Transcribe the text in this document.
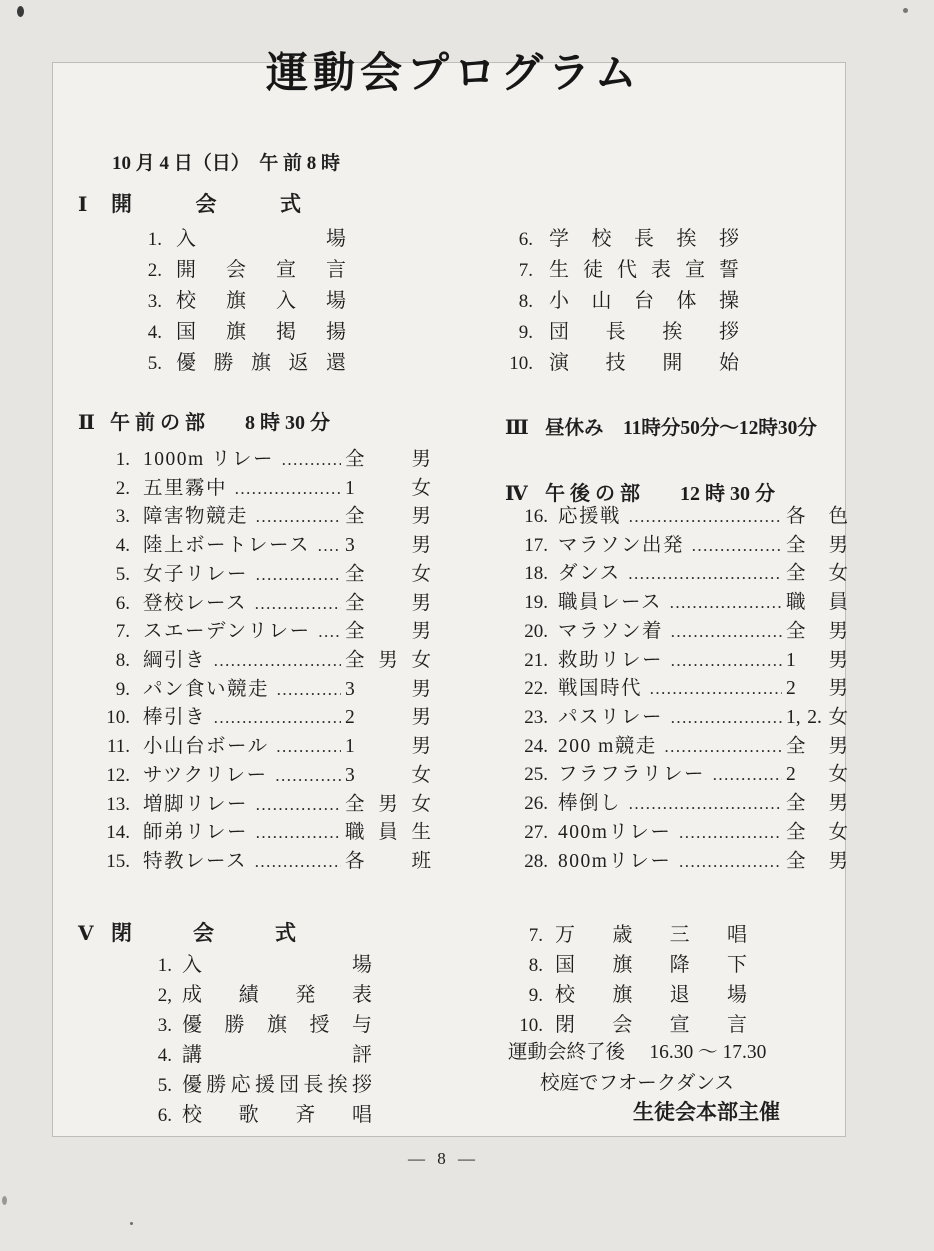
運動会プログラム
10 月 4 日（日）　午 前 8 時
Ⅰ	開会式
1. 入場
2. 開会宣言
3. 校旗入場
4. 国旗掲揚
5. 優勝旗返還
6. 学校長挨拶
7. 生徒代表宣誓
8. 小山台体操
9. 団長挨拶
10. 演技開始
Ⅱ 午 前 の 部　　8 時 30 分
1. 1000m リレー ………………………………………………………	全 男
2. 五里霧中 ………………………………………………………	1 女
3. 障害物競走 ………………………………………………………	全 男
4. 陸上ボートレース ……………………………………………………… 3 男
5. 女子リレー ………………………………………………………	全 女
6. 登校レース ………………………………………………………	全 男
7. スエーデンリレー ……………………………………………………… 全 男
8. 綱引き ………………………………………………………	全 男 女
9. パン食い競走 ………………………………………………………	3 男
10. 棒引き ………………………………………………………	2 男
11. 小山台ボール ………………………………………………………	1 男
12. サツクリレー ………………………………………………………	3 女
13. 増脚リレー ………………………………………………………	全 男 女
14. 師弟リレー ………………………………………………………	職 員 生
15. 特教レース ………………………………………………………	各 班
Ⅲ 昼休み　11時分50分～12時30分
Ⅳ 午 後 の 部　　12 時 30 分
16. 応援戦 ………………………………………………………	各 色
17. マラソン出発 ………………………………………………………	全 男
18. ダンス ………………………………………………………	全 女
19. 職員レース ………………………………………………………	職 員
20. マラソン着 ………………………………………………………	全 男
21. 救助リレー ………………………………………………………	1 男
22. 戦国時代 ………………………………………………………	2 男
23. パスリレー ………………………………………………………	1, 2. 女
24. 200 m競走 ………………………………………………………	全 男
25. フラフラリレー ………………………………………………………	2 女
26. 棒倒し ………………………………………………………	全 男
27. 400mリレー ………………………………………………………	全 女
28. 800mリレー ………………………………………………………	全 男
Ⅴ 閉会式
1. 入場
2, 成績発表
3. 優勝旗授与
4. 講評
5. 優勝応援団長挨拶
6. 校歌斉唱
7. 万歳三唱
8. 国旗降下
9. 校旗退場
10. 閉会宣言
運動会終了後　 16.30 ～ 17.30
校庭でフオークダンス
生徒会本部主催
— 8 —
